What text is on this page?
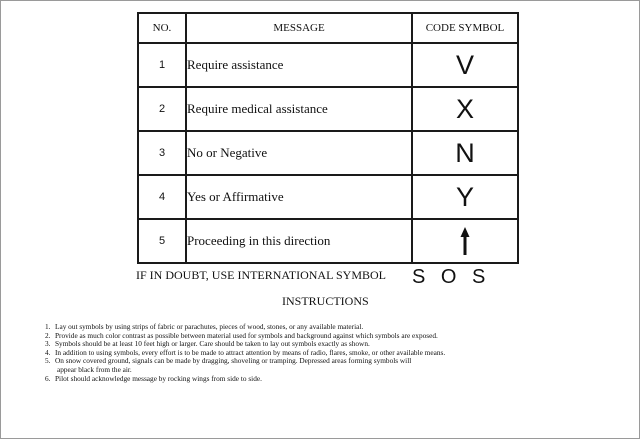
NO.	MESSAGE	CODE SYMBOL
1	Require assistance	V
2	Require medical assistance	X
3	No or Negative	N
4	Yes or Affirmative	Y
5	Proceeding in this direction	
IF IN DOUBT, USE INTERNATIONAL SYMBOL S O S
INSTRUCTIONS
1. Lay out symbols by using strips of fabric or parachutes, pieces of wood, stones, or any available material.
2. Provide as much color contrast as possible between material used for symbols and background against which symbols are exposed.
3. Symbols should be at least 10 feet high or larger. Care should be taken to lay out symbols exactly as shown.
4. In addition to using symbols, every effort is to be made to attract attention by means of radio, flares, smoke, or other available means.
5. On snow covered ground, signals can be made by dragging, shoveling or tramping. Depressed areas forming symbols will
appear black from the air.
6. Pilot should acknowledge message by rocking wings from side to side.
